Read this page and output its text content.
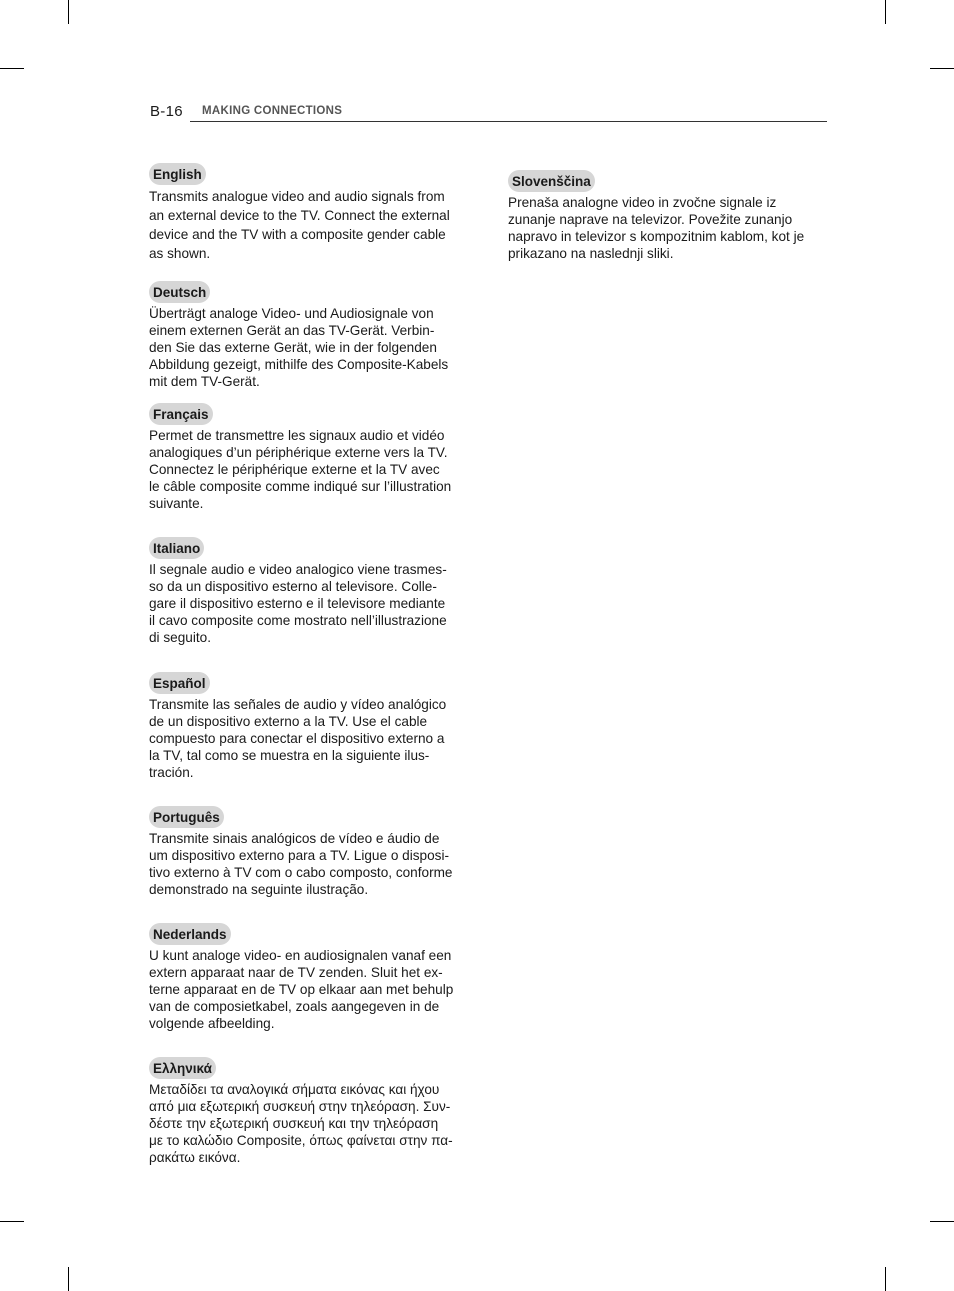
B-16 MAKING CONNECTIONS
English
Transmits analogue video and audio signals from
an external device to the TV. Connect the external
device and the TV with a composite gender cable
as shown.
Deutsch
Überträgt analoge Video- und Audiosignale von
einem externen Gerät an das TV-Gerät. Verbin-
den Sie das externe Gerät, wie in der folgenden
Abbildung gezeigt, mithilfe des Composite-Kabels
mit dem TV-Gerät.
Français
Permet de transmettre les signaux audio et vidéo
analogiques d’un périphérique externe vers la TV.
Connectez le périphérique externe et la TV avec
le câble composite comme indiqué sur l’illustration
suivante.
Italiano
Il segnale audio e video analogico viene trasmes-
so da un dispositivo esterno al televisore. Colle-
gare il dispositivo esterno e il televisore mediante
il cavo composite come mostrato nell’illustrazione
di seguito.
Español
Transmite las señales de audio y vídeo analógico
de un dispositivo externo a la TV. Use el cable
compuesto para conectar el dispositivo externo a
la TV, tal como se muestra en la siguiente ilus-
tración.
Português
Transmite sinais analógicos de vídeo e áudio de
um dispositivo externo para a TV. Ligue o disposi-
tivo externo à TV com o cabo composto, conforme
demonstrado na seguinte ilustração.
Nederlands
U kunt analoge video- en audiosignalen vanaf een
extern apparaat naar de TV zenden. Sluit het ex-
terne apparaat en de TV op elkaar aan met behulp
van de composietkabel, zoals aangegeven in de
volgende afbeelding.
Ελληνικά
Μεταδίδει τα αναλογικά σήματα εικόνας και ήχου
από μια εξωτερική συσκευή στην τηλεόραση. Συν-
δέστε την εξωτερική συσκευή και την τηλεόραση
με το καλώδιο Composite, όπως φαίνεται στην πα-
ρακάτω εικόνα.
Slovenščina
Prenaša analogne video in zvočne signale iz
zunanje naprave na televizor. Povežite zunanjo
napravo in televizor s kompozitnim kablom, kot je
prikazano na naslednji sliki.
